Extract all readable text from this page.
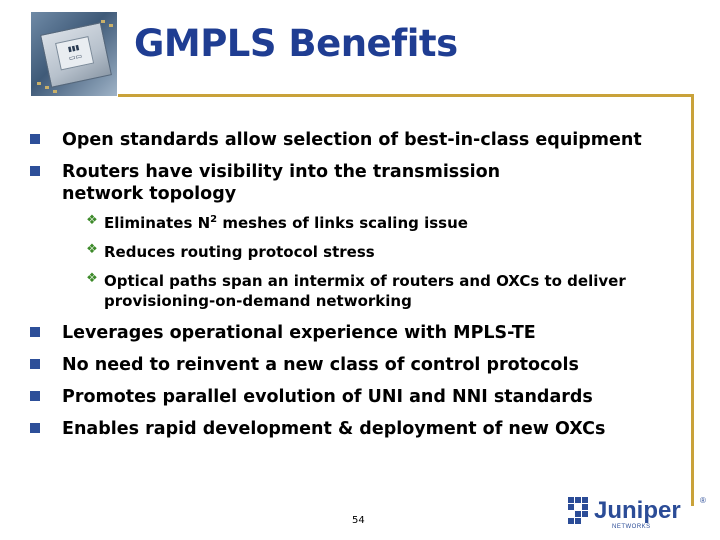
▮▮▮
▭▭	GMPLS Benefits
Open standards allow selection of best-in-class equipment
Routers have visibility into the transmission
network topology
❖ Eliminates $N^2$ meshes of links scaling issue
❖ Reduces routing protocol stress
❖ Optical paths span an intermix of routers and OXCs to deliver
provisioning-on-demand networking
Leverages operational experience with MPLS-TE
No need to reinvent a new class of control protocols
Promotes parallel evolution of UNI and NNI standards
Enables rapid development & deployment of new OXCs
54	Juniper ®
NETWORKS
